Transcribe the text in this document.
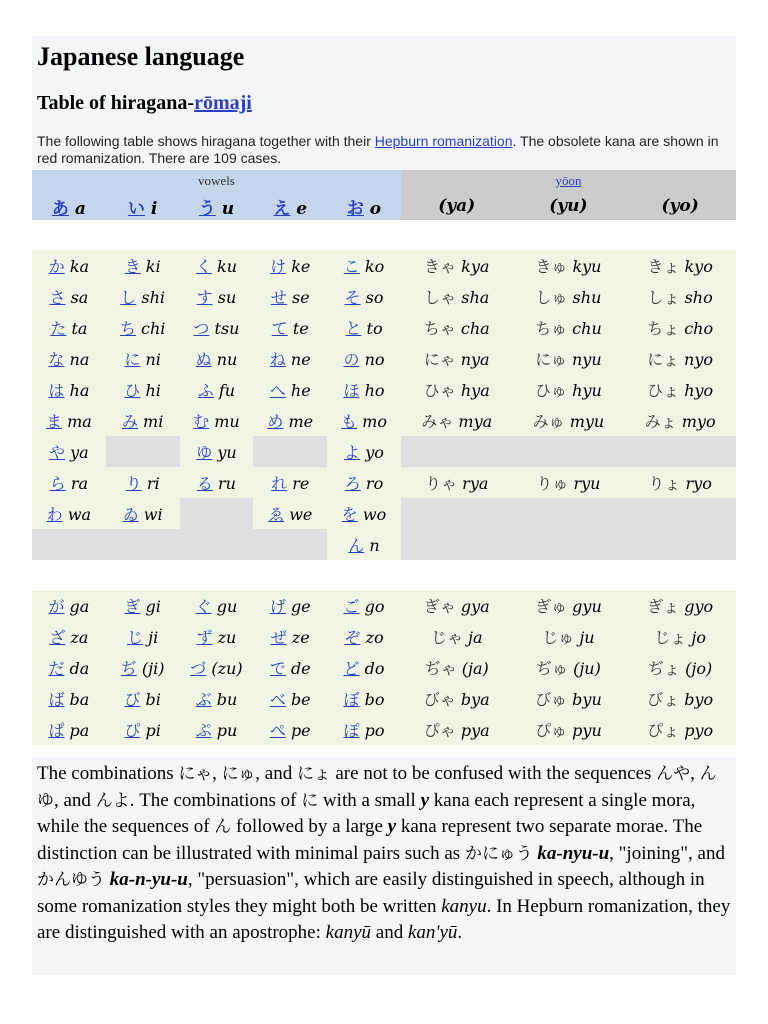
Japanese language
Table of hiragana-rōmaji

The following table shows hiragana together with their Hepburn romanization. The obsolete kana are shown in red romanization. There are 109 cases.

vowels					yōon		
あ a	い i	う u	え e	お o	(ya)	(yu)	(yo)

か ka	き ki	く ku	け ke	こ ko	きゃ kya	きゅ kyu	きょ kyo
さ sa	し shi	す su	せ se	そ so	しゃ sha	しゅ shu	しょ sho
た ta	ち chi	つ tsu	て te	と to	ちゃ cha	ちゅ chu	ちょ cho
な na	に ni	ぬ nu	ね ne	の no	にゃ nya	にゅ nyu	にょ nyo
は ha	ひ hi	ふ fu	へ he	ほ ho	ひゃ hya	ひゅ hyu	ひょ hyo
ま ma	み mi	む mu	め me	も mo	みゃ mya	みゅ myu	みょ myo
や ya		ゆ yu		よ yo			
ら ra	り ri	る ru	れ re	ろ ro	りゃ rya	りゅ ryu	りょ ryo
わ wa	ゐ wi		ゑ we	を wo			
				ん n			

が ga	ぎ gi	ぐ gu	げ ge	ご go	ぎゃ gya	ぎゅ gyu	ぎょ gyo
ざ za	じ ji	ず zu	ぜ ze	ぞ zo	じゃ ja	じゅ ju	じょ jo
だ da	ぢ (ji)	づ (zu)	で de	ど do	ぢゃ (ja)	ぢゅ (ju)	ぢょ (jo)
ば ba	び bi	ぶ bu	べ be	ぼ bo	びゃ bya	びゅ byu	びょ byo
ぱ pa	ぴ pi	ぷ pu	ぺ pe	ぽ po	ぴゃ pya	ぴゅ pyu	ぴょ pyo
The combinations にゃ, にゅ, and にょ are not to be confused with the sequences んや, んゆ, and んよ. The combinations of に with a small y kana each represent a single mora, while the sequences of ん followed by a large y kana represent two separate morae. The distinction can be illustrated with minimal pairs such as かにゅう ka-nyu-u, "joining", and かんゆう ka-n-yu-u, "persuasion", which are easily distinguished in speech, although in some romanization styles they might both be written kanyu. In Hepburn romanization, they are distinguished with an apostrophe: kanyū and kan'yū.
